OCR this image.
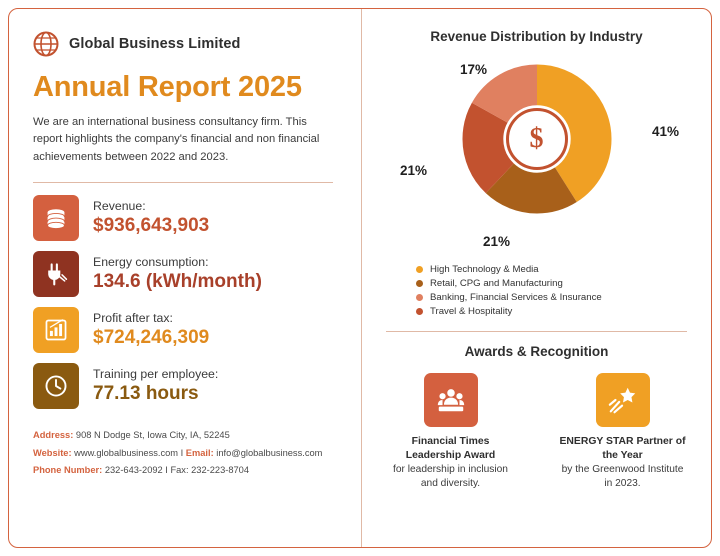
Global Business Limited
Annual Report 2025
We are an international business consultancy firm. This report highlights the company's financial and non financial achievements between 2022 and 2023.
Revenue:
$936,643,903
Energy consumption:
134.6 (kWh/month)
Profit after tax:
$724,246,309
Training per employee:
77.13 hours
Address: 908 N Dodge St, Iowa City, IA, 52245
Website: www.globalbusiness.com I Email: info@globalbusiness.com
Phone Number: 232-643-2092 I Fax: 232-223-8704
Revenue Distribution by Industry
$	41%
21%
21%
17%
High Technology & Media
Retail, CPG and Manufacturing
Banking, Financial Services & Insurance
Travel & Hospitality
Awards & Recognition
Financial Times Leadership Award
for leadership in inclusion and diversity.
ENERGY STAR Partner of the Year
by the Greenwood Institute in 2023.
